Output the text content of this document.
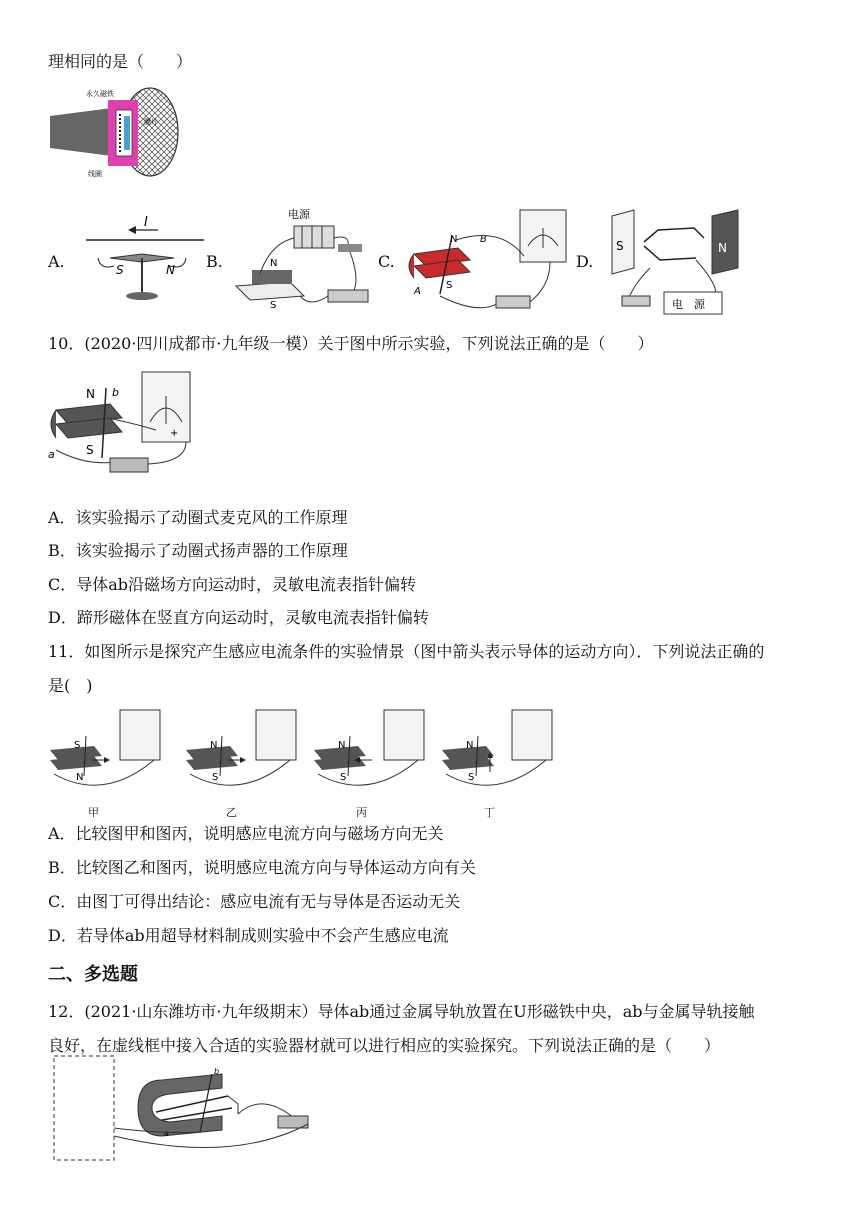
理相同的是（　　）
永久磁铁
膜片
线圈
A.	B.	C.	D.
I
S	N
电源
N
S
N
S
B
A
S	N
电　源
10．(2020·四川成都市·九年级一模）关于图中所示实验，下列说法正确的是（　　）
N
S
b
a
+
A．该实验揭示了动圈式麦克风的工作原理
B．该实验揭示了动圈式扬声器的工作原理
C．导体ab沿磁场方向运动时，灵敏电流表指针偏转
D．蹄形磁体在竖直方向运动时，灵敏电流表指针偏转
11．如图所示是探究产生感应电流条件的实验情景（图中箭头表示导体的运动方向）．下列说法正确的
是(　)
S
N
N
S
N
S
N
S
甲	乙	丙	丁
A．比较图甲和图丙，说明感应电流方向与磁场方向无关
B．比较图乙和图丙，说明感应电流方向与导体运动方向有关
C．由图丁可得出结论：感应电流有无与导体是否运动无关
D．若导体ab用超导材料制成则实验中不会产生感应电流
二、多选题
12．(2021·山东潍坊市·九年级期末）导体ab通过金属导轨放置在U形磁铁中央，ab与金属导轨接触
良好，在虚线框中接入合适的实验器材就可以进行相应的实验探究。下列说法正确的是（　　）
b
a
